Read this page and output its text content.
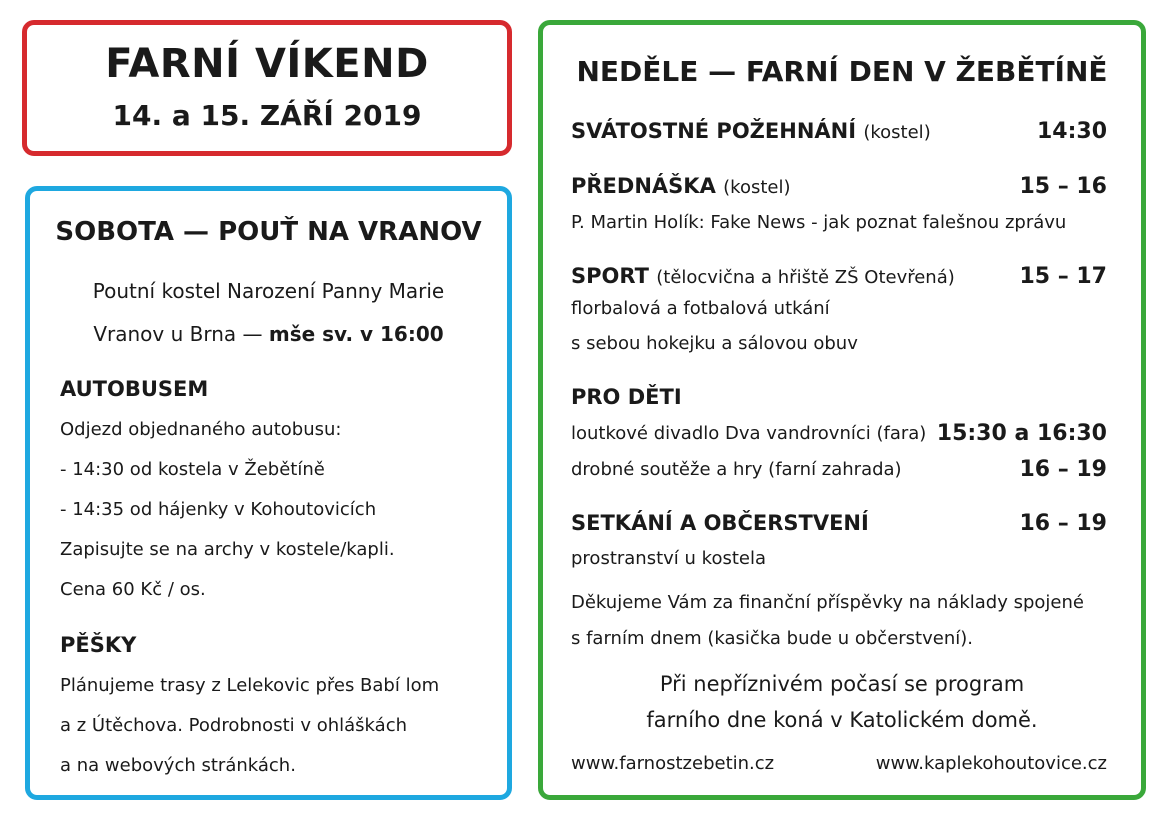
FARNÍ VÍKEND
14. a 15. ZÁŘÍ 2019
SOBOTA — POUŤ NA VRANOV
Poutní kostel Narození Panny Marie
Vranov u Brna — mše sv. v 16:00
AUTOBUSEM
Odjezd objednaného autobusu:
- 14:30 od kostela v Žebětíně
- 14:35 od hájenky v Kohoutovicích
Zapisujte se na archy v kostele/kapli.
Cena 60 Kč / os.
PĚŠKY
Plánujeme trasy z Lelekovic přes Babí lom
a z Útěchova. Podrobnosti v ohláškách
a na webových stránkách.
NEDĚLE — FARNÍ DEN V ŽEBĚTÍNĚ
SVÁTOSTNÉ POŽEHNÁNÍ (kostel)	14:30
PŘEDNÁŠKA (kostel)	15 – 16
P. Martin Holík: Fake News - jak poznat falešnou zprávu
SPORT (tělocvična a hřiště ZŠ Otevřená)	15 – 17
florbalová a fotbalová utkání
s sebou hokejku a sálovou obuv
PRO DĚTI
loutkové divadlo Dva vandrovníci (fara) 15:30 a 16:30
drobné soutěže a hry (farní zahrada)	16 – 19
SETKÁNÍ A OBČERSTVENÍ	16 – 19
prostranství u kostela
Děkujeme Vám za finanční příspěvky na náklady spojené
s farním dnem (kasička bude u občerstvení).
Při nepříznivém počasí se program
farního dne koná v Katolickém domě.
www.farnostzebetin.cz	www.kaplekohoutovice.cz
